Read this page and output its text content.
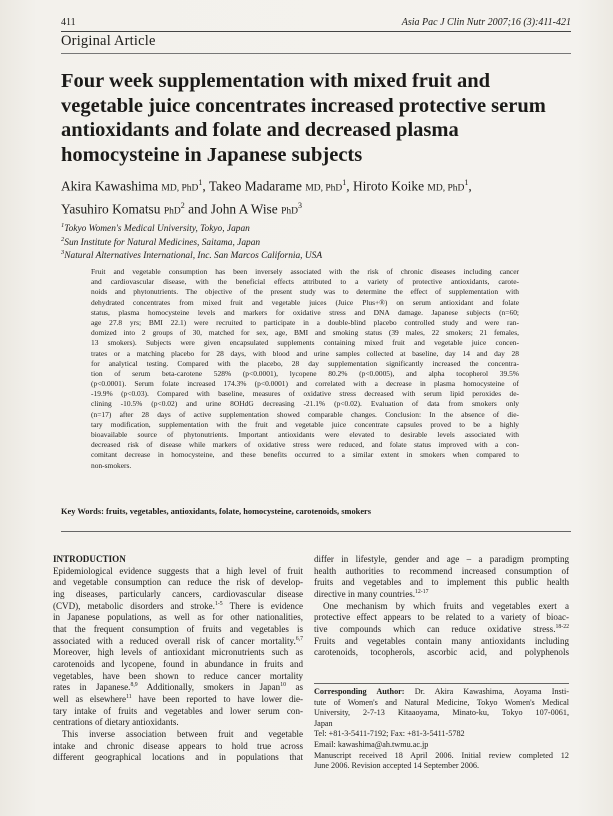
411	Asia Pac J Clin Nutr 2007;16 (3):411-421
Original Article
Four week supplementation with mixed fruit and
vegetable juice concentrates increased protective serum
antioxidants and folate and decreased plasma
homocysteine in Japanese subjects
Akira Kawashima MD, PhD$^1$, Takeo Madarame MD, PhD$^1$, Hiroto Koike MD, PhD$^1$,
Yasuhiro Komatsu PhD$^2$ and John A Wise PhD$^3$
$^1$Tokyo Women's Medical University, Tokyo, Japan
$^2$Sun Institute for Natural Medicines, Saitama, Japan
$^3$Natural Alternatives International, Inc. San Marcos California, USA
Fruit and vegetable consumption has been inversely associated with the risk of chronic diseases including cancer
and cardiovascular disease, with the beneficial effects attributed to a variety of protective antioxidants, carote-
noids and phytonutrients. The objective of the present study was to determine the effect of supplementation with
dehydrated concentrates from mixed fruit and vegetable juices (Juice Plus+®) on serum antioxidant and folate
status, plasma homocysteine levels and markers for oxidative stress and DNA damage. Japanese subjects (n=60;
age 27.8 yrs; BMI 22.1) were recruited to participate in a double-blind placebo controlled study and were ran-
domized into 2 groups of 30, matched for sex, age, BMI and smoking status (39 males, 22 smokers; 21 females,
13 smokers). Subjects were given encapsulated supplements containing mixed fruit and vegetable juice concen-
trates or a matching placebo for 28 days, with blood and urine samples collected at baseline, day 14 and day 28
for analytical testing. Compared with the placebo, 28 day supplementation significantly increased the concentra-
tion of serum beta-carotene 528% (p<0.0001), lycopene 80.2% (p<0.0005), and alpha tocopherol 39.5%
(p<0.0001). Serum folate increased 174.3% (p<0.0001) and correlated with a decrease in plasma homocysteine of
-19.9% (p<0.03). Compared with baseline, measures of oxidative stress decreased with serum lipid peroxides de-
clining -10.5% (p<0.02) and urine 8OHdG decreasing -21.1% (p<0.02). Evaluation of data from smokers only
(n=17) after 28 days of active supplementation showed comparable changes. Conclusion: In the absence of die-
tary modification, supplementation with the fruit and vegetable juice concentrate capsules proved to be a highly
bioavailable source of phytonutrients. Important antioxidants were elevated to desirable levels associated with
decreased risk of disease while markers of oxidative stress were reduced, and folate status improved with a con-
comitant decrease in homocysteine, and these benefits occurred to a similar extent in smokers when compared to
non-smokers.
Key Words: fruits, vegetables, antioxidants, folate, homocysteine, carotenoids, smokers
INTRODUCTION
Epidemiological evidence suggests that a high level of fruit
and vegetable consumption can reduce the risk of develop-
ing diseases, particularly cancers, cardiovascular disease
(CVD), metabolic disorders and stroke.$^{1-5}$ There is evidence
in Japanese populations, as well as for other nationalities,
that the frequent consumption of fruits and vegetables is
associated with a reduced overall risk of cancer mortality.$^{6,7}$
Moreover, high levels of antioxidant micronutrients such as
carotenoids and lycopene, found in abundance in fruits and
vegetables, have been shown to reduce cancer mortality
rates in Japanese.$^{8,9}$ Additionally, smokers in Japan$^{10}$ as
well as elsewhere$^{11}$ have been reported to have lower die-
tary intake of fruits and vegetables and lower serum con-
centrations of dietary antioxidants.
This inverse association between fruit and vegetable
intake and chronic disease appears to hold true across
different geographical locations and in populations that
differ in lifestyle, gender and age – a paradigm prompting
health authorities to recommend increased consumption of
fruits and vegetables and to implement this public health
directive in many countries.$^{12-17}$
One mechanism by which fruits and vegetables exert a
protective effect appears to be related to a variety of bioac-
tive compounds which can reduce oxidative stress.$^{18-22}$
Fruits and vegetables contain many antioxidants including
carotenoids, tocopherols, ascorbic acid, and polyphenols
Corresponding Author: Dr. Akira Kawashima, Aoyama Insti-
tute of Women's and Natural Medicine, Tokyo Women's Medical
University, 2-7-13 Kitaaoyama, Minato-ku, Tokyo 107-0061,
Japan
Tel: +81-3-5411-7192; Fax: +81-3-5411-5782
Email: kawashima@ah.twmu.ac.jp
Manuscript received 18 April 2006. Initial review completed 12
June 2006. Revision accepted 14 September 2006.
